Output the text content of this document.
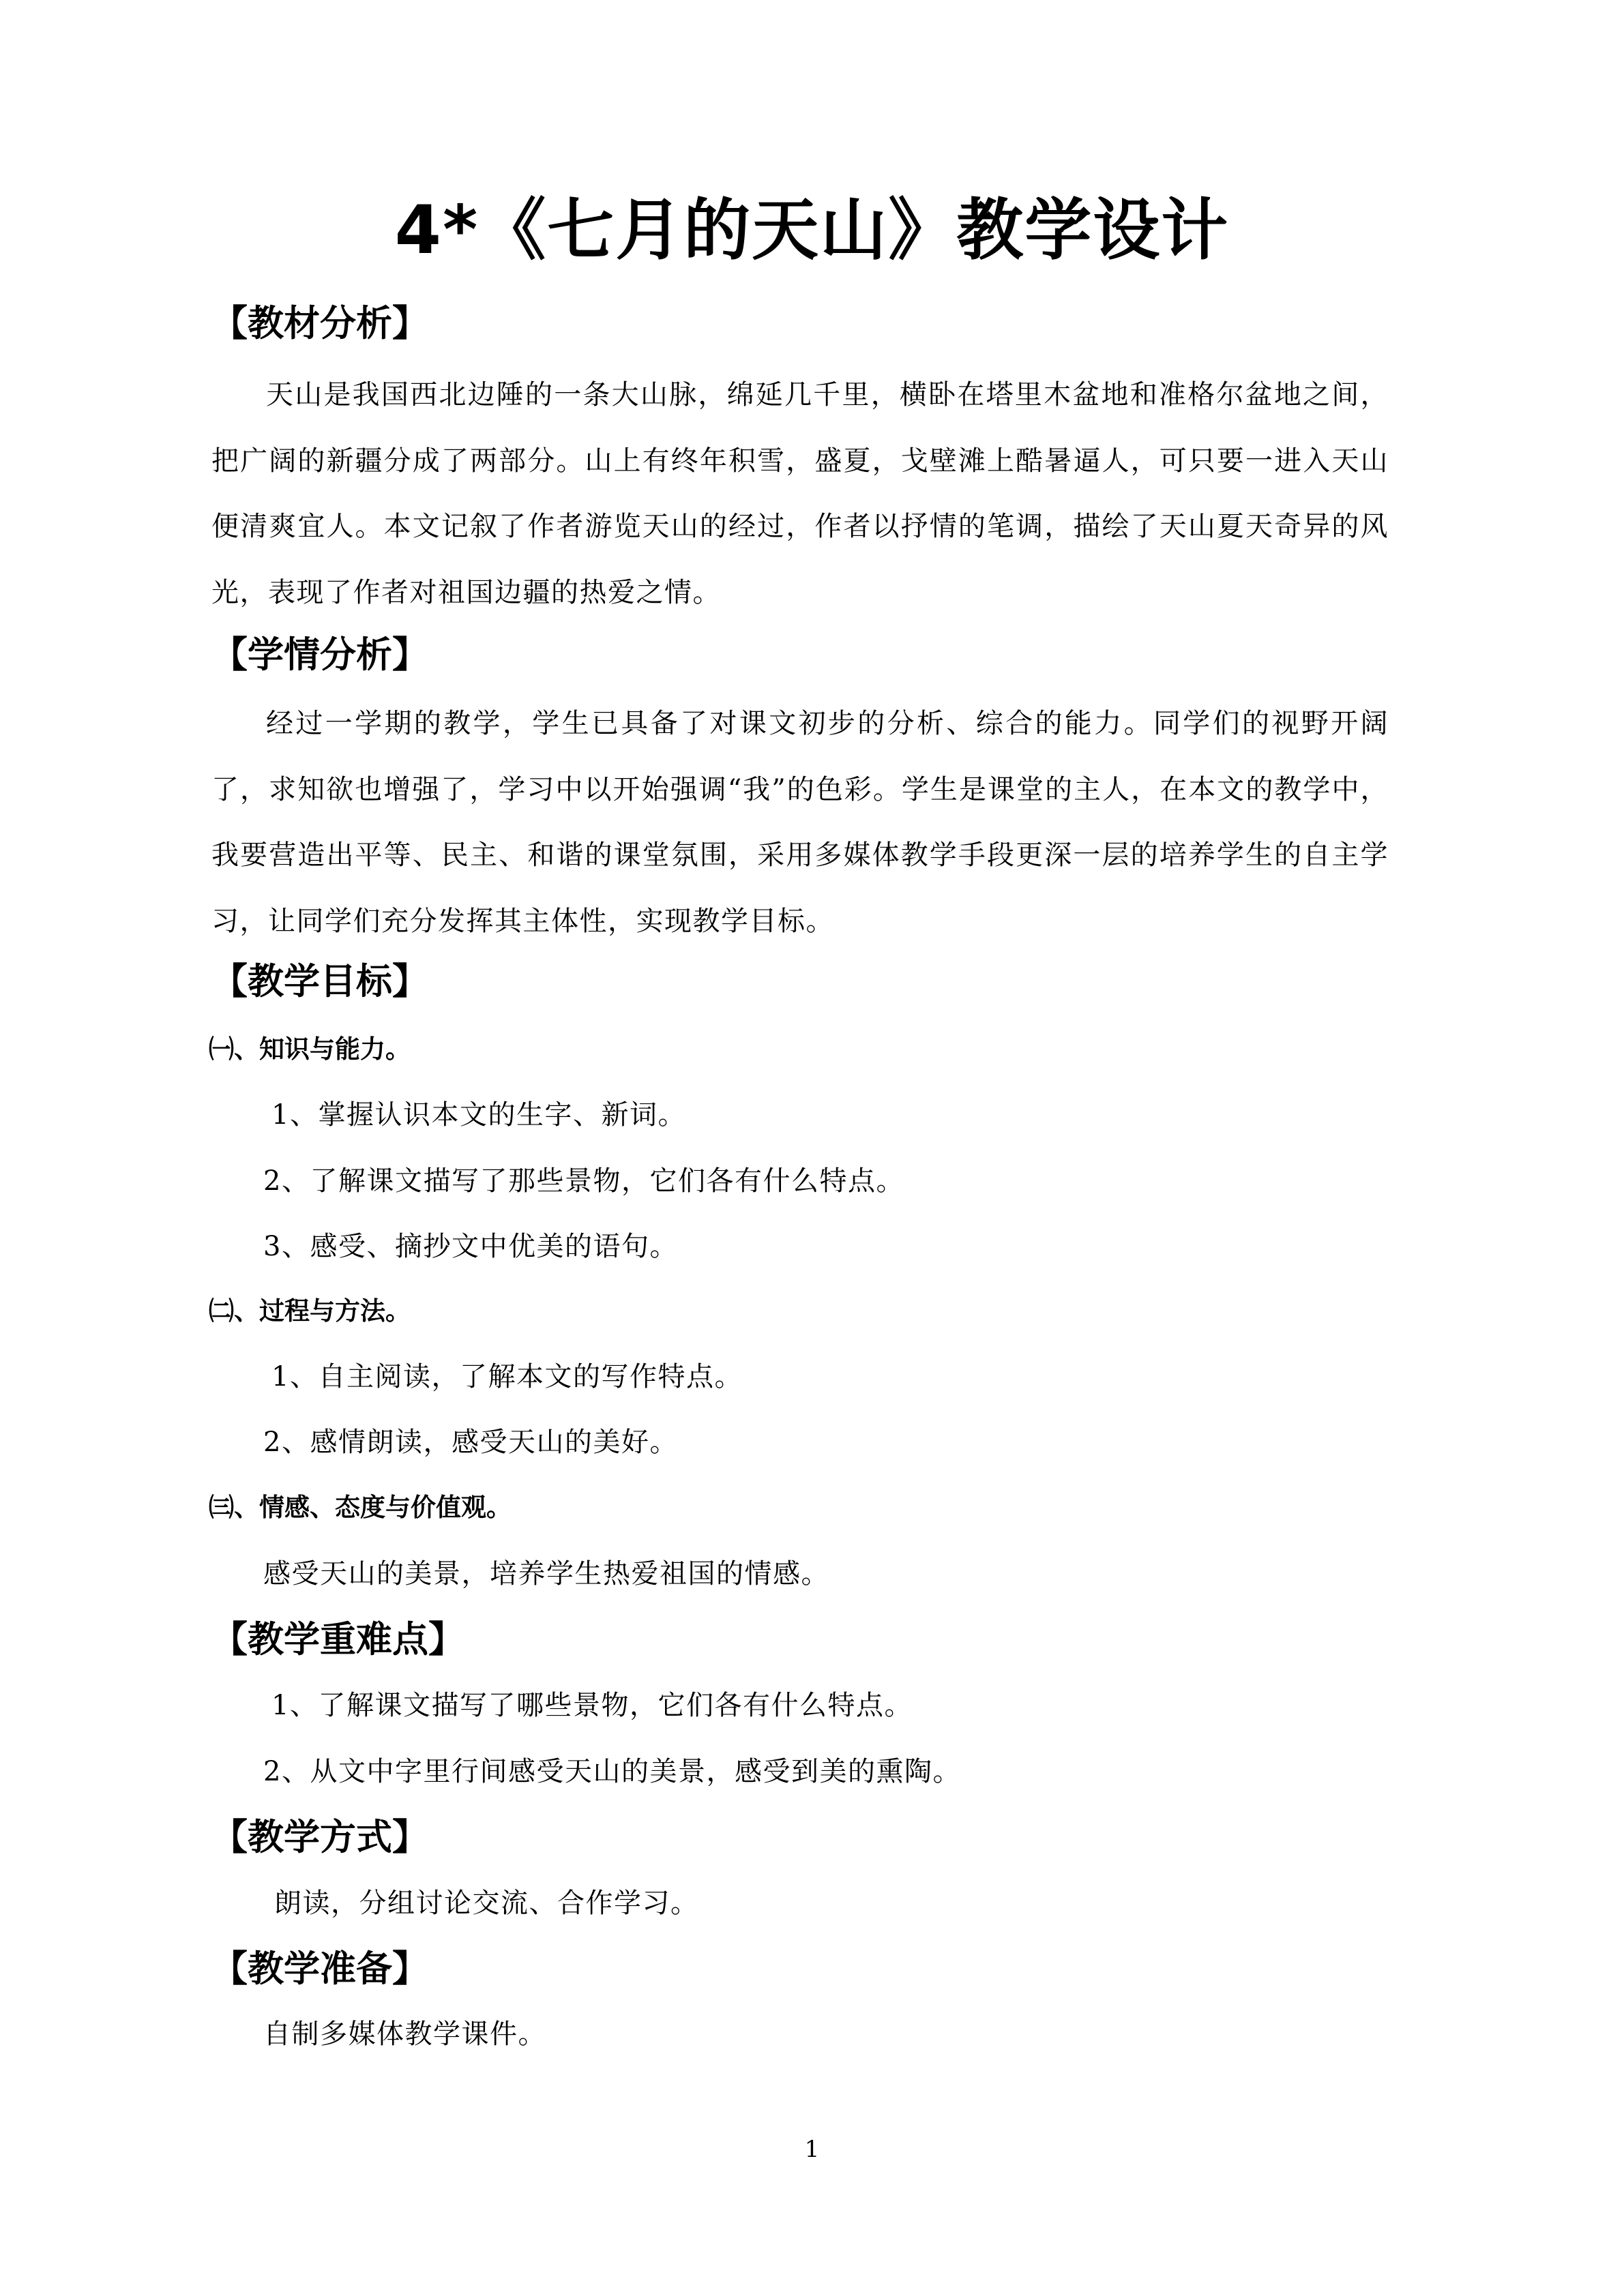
4*《七月的天山》教学设计
【教材分析】

天山是我国西北边陲的一条大山脉，绵延几千里，横卧在塔里木盆地和准格尔盆地之间，把广阔的新疆分成了两部分。山上有终年积雪，盛夏，戈壁滩上酷暑逼人，可只要一进入天山便清爽宜人。本文记叙了作者游览天山的经过，作者以抒情的笔调，描绘了天山夏天奇异的风光，表现了作者对祖国边疆的热爱之情。

【学情分析】

经过一学期的教学，学生已具备了对课文初步的分析、综合的能力。同学们的视野开阔了，求知欲也增强了，学习中以开始强调“我”的色彩。学生是课堂的主人，在本文的教学中，我要营造出平等、民主、和谐的课堂氛围，采用多媒体教学手段更深一层的培养学生的自主学习，让同学们充分发挥其主体性，实现教学目标。

【教学目标】
㈠、知识与能力。
1、掌握认识本文的生字、新词。
2、了解课文描写了那些景物，它们各有什么特点。
3、感受、摘抄文中优美的语句。
㈡、过程与方法。
1、自主阅读，了解本文的写作特点。
2、感情朗读，感受天山的美好。
㈢、情感、态度与价值观。
感受天山的美景，培养学生热爱祖国的情感。
【教学重难点】
1、了解课文描写了哪些景物，它们各有什么特点。
2、从文中字里行间感受天山的美景，感受到美的熏陶。
【教学方式】
朗读，分组讨论交流、合作学习。
【教学准备】
自制多媒体教学课件。
1
